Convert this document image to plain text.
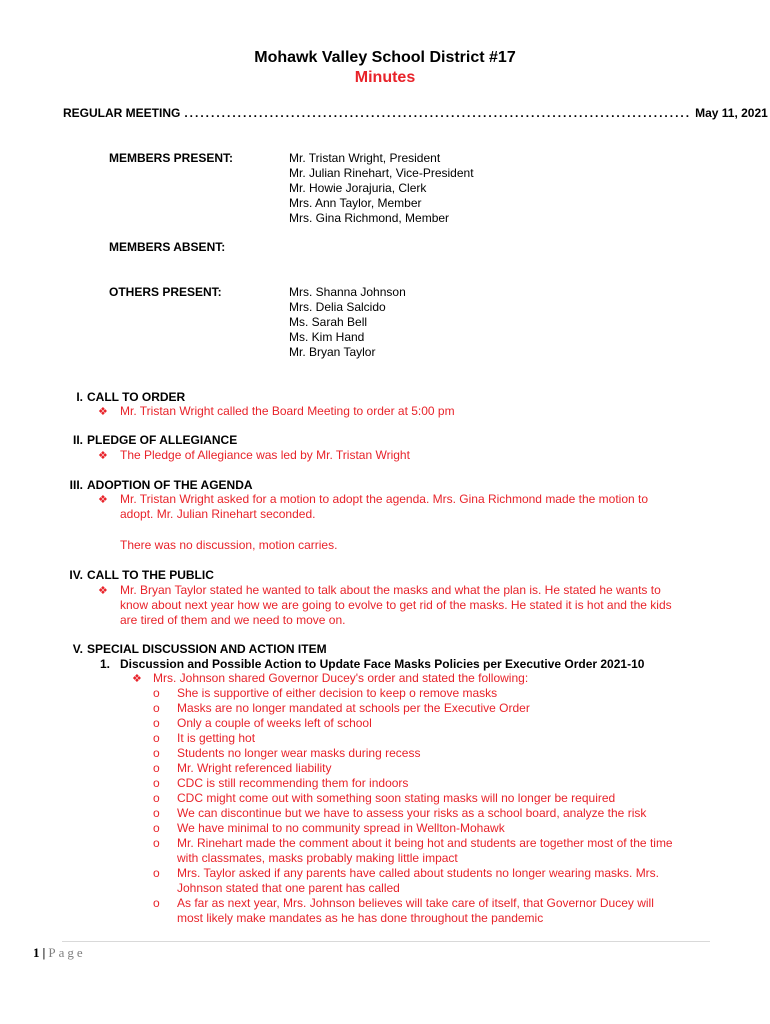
Mohawk Valley School District #17
Minutes
REGULAR MEETING ............................................................................................... May 11, 2021
MEMBERS PRESENT:	Mr. Tristan Wright, President
Mr. Julian Rinehart, Vice-President
Mr. Howie Jorajuria, Clerk
Mrs. Ann Taylor, Member
Mrs. Gina Richmond, Member
MEMBERS ABSENT:
OTHERS PRESENT:	Mrs. Shanna Johnson
Mrs. Delia Salcido
Ms. Sarah Bell
Ms. Kim Hand
Mr. Bryan Taylor
I. CALL TO ORDER
❖ Mr. Tristan Wright called the Board Meeting to order at 5:00 pm
II. PLEDGE OF ALLEGIANCE
❖ The Pledge of Allegiance was led by Mr. Tristan Wright
III. ADOPTION OF THE AGENDA
❖ Mr. Tristan Wright asked for a motion to adopt the agenda. Mrs. Gina Richmond made the motion to
adopt. Mr. Julian Rinehart seconded.
There was no discussion, motion carries.
IV. CALL TO THE PUBLIC
❖ Mr. Bryan Taylor stated he wanted to talk about the masks and what the plan is. He stated he wants to
know about next year how we are going to evolve to get rid of the masks. He stated it is hot and the kids
are tired of them and we need to move on.
V. SPECIAL DISCUSSION AND ACTION ITEM
1. Discussion and Possible Action to Update Face Masks Policies per Executive Order 2021-10
❖ Mrs. Johnson shared Governor Ducey's order and stated the following:
o She is supportive of either decision to keep o remove masks
o Masks are no longer mandated at schools per the Executive Order
o Only a couple of weeks left of school
o It is getting hot
o Students no longer wear masks during recess
o Mr. Wright referenced liability
o CDC is still recommending them for indoors
o CDC might come out with something soon stating masks will no longer be required
o We can discontinue but we have to assess your risks as a school board, analyze the risk
o We have minimal to no community spread in Wellton-Mohawk
o Mr. Rinehart made the comment about it being hot and students are together most of the time
with classmates, masks probably making little impact
o Mrs. Taylor asked if any parents have called about students no longer wearing masks. Mrs.
Johnson stated that one parent has called
o As far as next year, Mrs. Johnson believes will take care of itself, that Governor Ducey will
most likely make mandates as he has done throughout the pandemic
1 | Page
